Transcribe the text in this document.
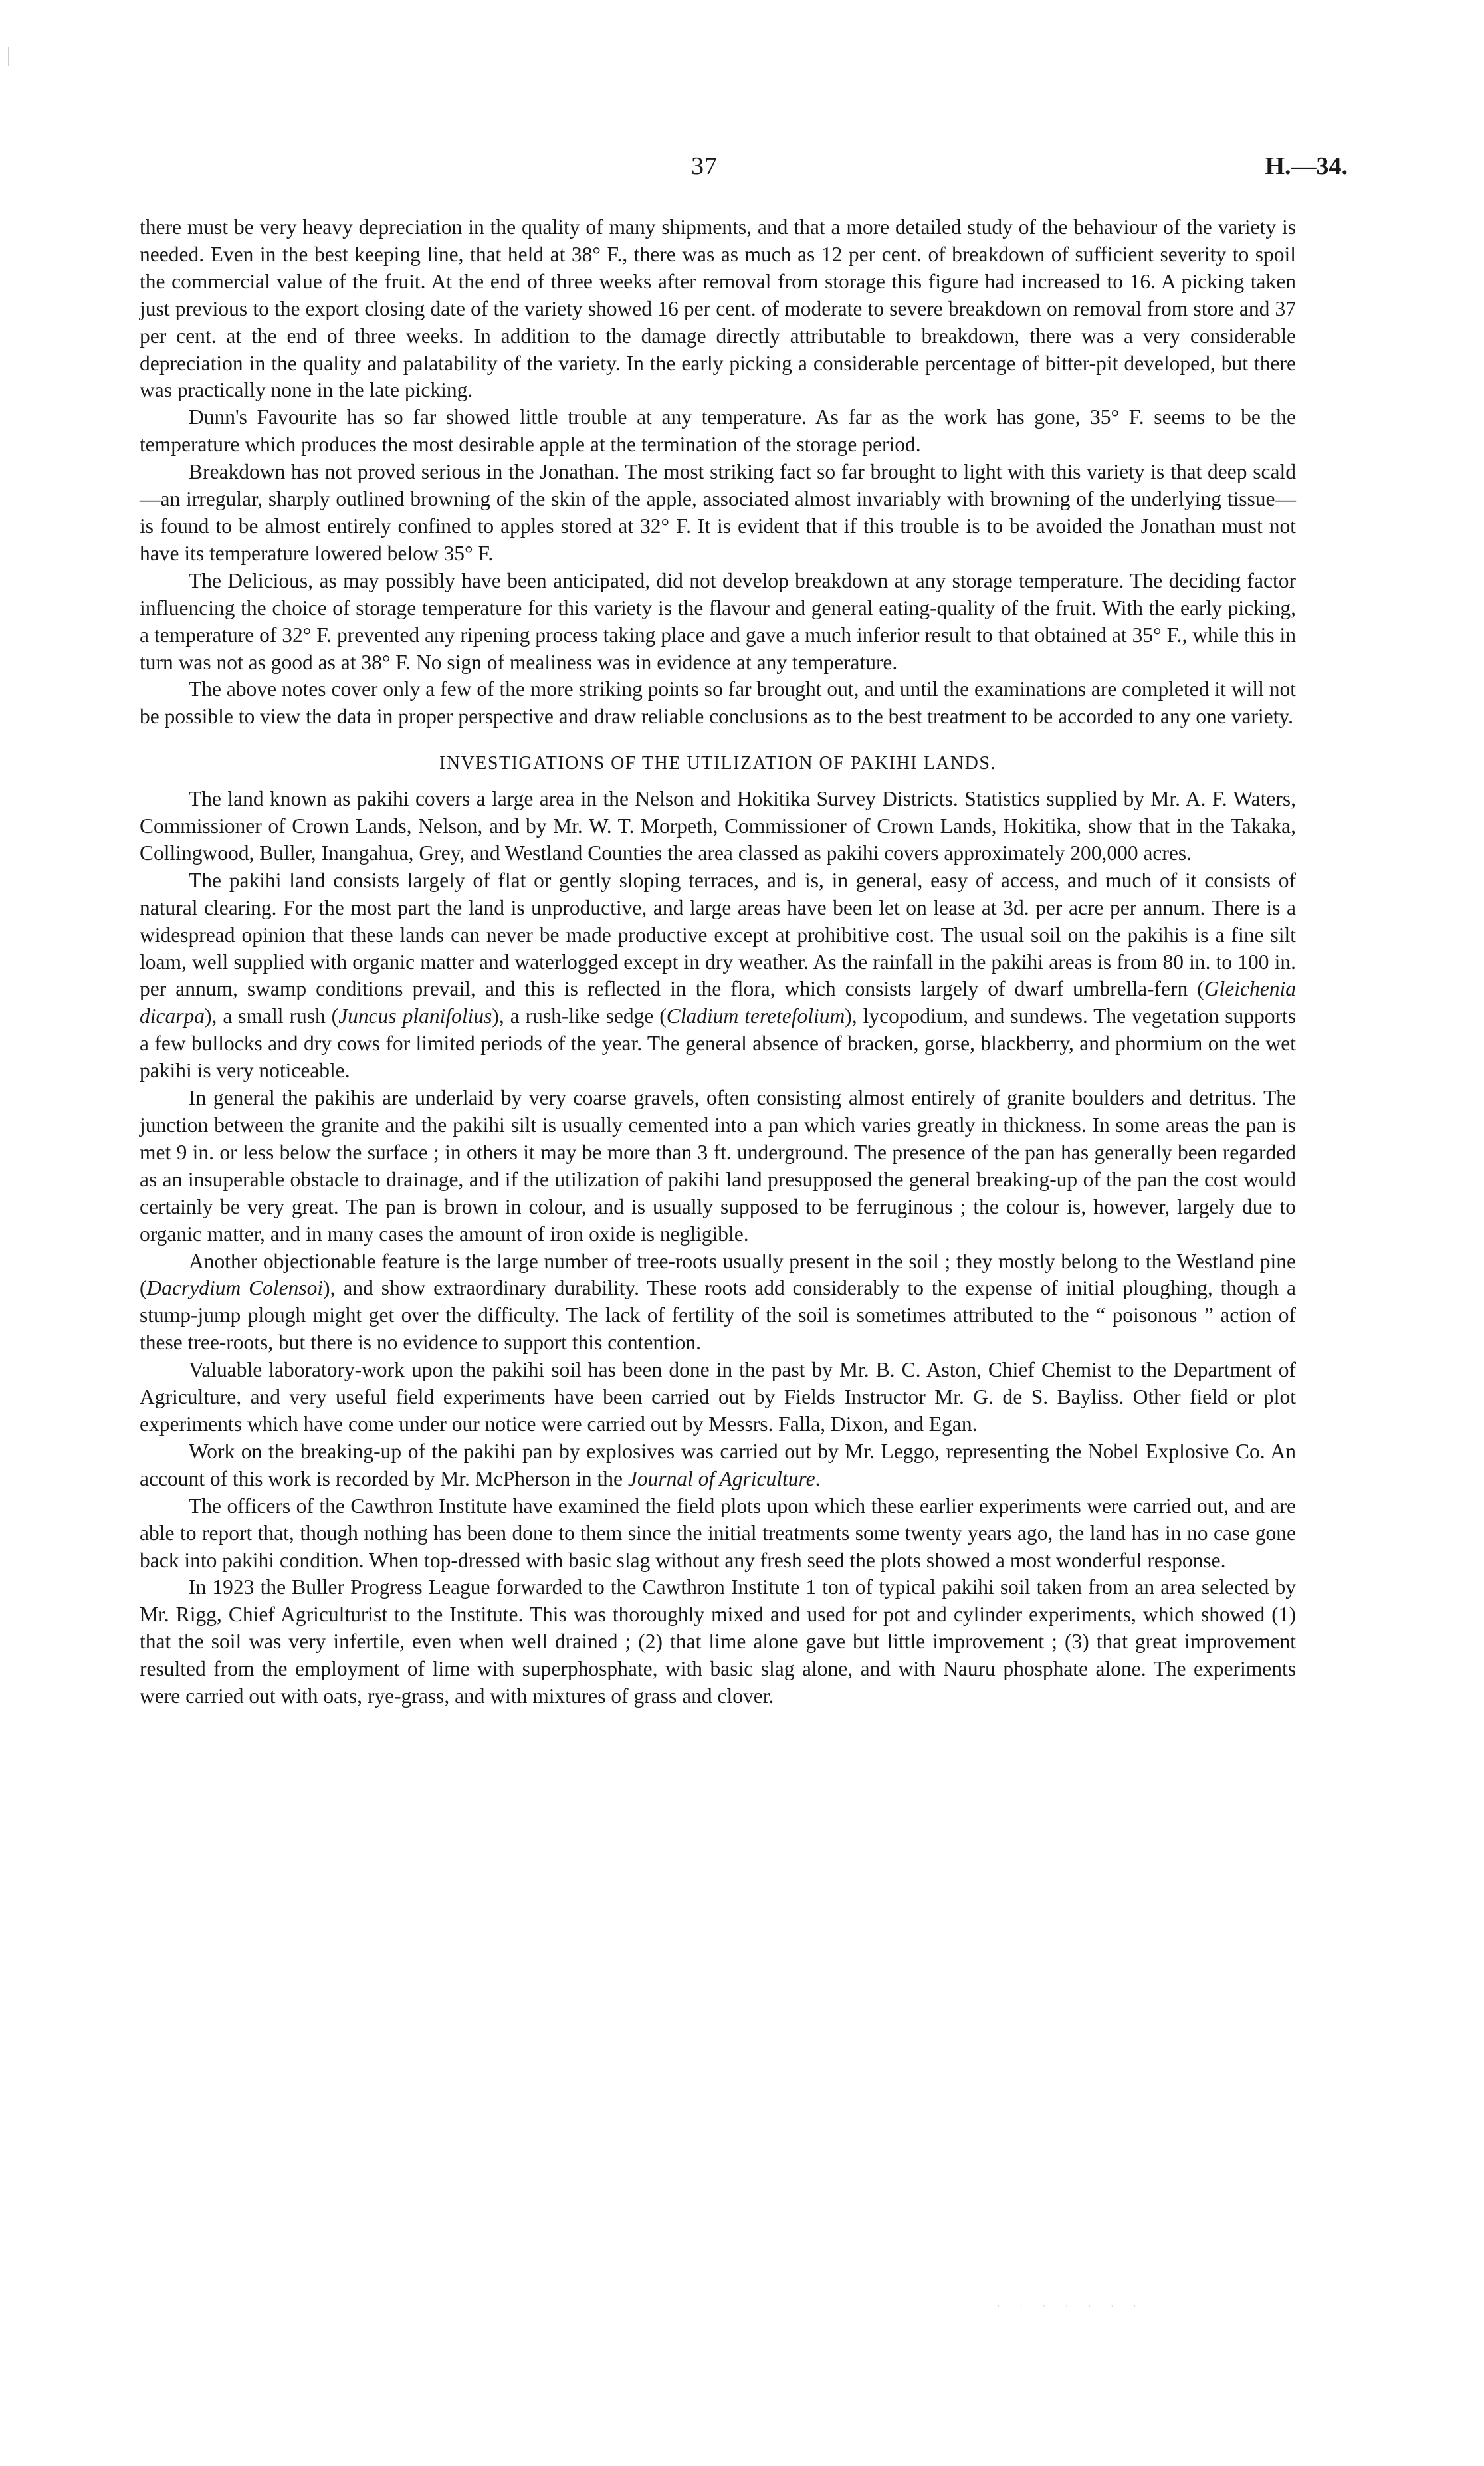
37	H.—34.

there must be very heavy depreciation in the quality of many shipments, and that a more detailed study of the behaviour of the variety is needed. Even in the best keeping line, that held at 38° F., there was as much as 12 per cent. of breakdown of sufficient severity to spoil the commercial value of the fruit. At the end of three weeks after removal from storage this figure had increased to 16. A picking taken just previous to the export closing date of the variety showed 16 per cent. of moderate to severe breakdown on removal from store and 37 per cent. at the end of three weeks. In addition to the damage directly attributable to breakdown, there was a very considerable depreciation in the quality and palatability of the variety. In the early picking a considerable percentage of bitter-pit developed, but there was practically none in the late picking.

Dunn's Favourite has so far showed little trouble at any temperature. As far as the work has gone, 35° F. seems to be the temperature which produces the most desirable apple at the termination of the storage period.

Breakdown has not proved serious in the Jonathan. The most striking fact so far brought to light with this variety is that deep scald—an irregular, sharply outlined browning of the skin of the apple, associated almost invariably with browning of the underlying tissue—is found to be almost entirely confined to apples stored at 32° F. It is evident that if this trouble is to be avoided the Jonathan must not have its temperature lowered below 35° F.

The Delicious, as may possibly have been anticipated, did not develop breakdown at any storage temperature. The deciding factor influencing the choice of storage temperature for this variety is the flavour and general eating-quality of the fruit. With the early picking, a temperature of 32° F. prevented any ripening process taking place and gave a much inferior result to that obtained at 35° F., while this in turn was not as good as at 38° F. No sign of mealiness was in evidence at any temperature.

The above notes cover only a few of the more striking points so far brought out, and until the examinations are completed it will not be possible to view the data in proper perspective and draw reliable conclusions as to the best treatment to be accorded to any one variety.

INVESTIGATIONS OF THE UTILIZATION OF PAKIHI LANDS.

The land known as pakihi covers a large area in the Nelson and Hokitika Survey Districts. Statistics supplied by Mr. A. F. Waters, Commissioner of Crown Lands, Nelson, and by Mr. W. T. Morpeth, Commissioner of Crown Lands, Hokitika, show that in the Takaka, Collingwood, Buller, Inangahua, Grey, and Westland Counties the area classed as pakihi covers approximately 200,000 acres.

The pakihi land consists largely of flat or gently sloping terraces, and is, in general, easy of access, and much of it consists of natural clearing. For the most part the land is unproductive, and large areas have been let on lease at 3d. per acre per annum. There is a widespread opinion that these lands can never be made productive except at prohibitive cost. The usual soil on the pakihis is a fine silt loam, well supplied with organic matter and waterlogged except in dry weather. As the rainfall in the pakihi areas is from 80 in. to 100 in. per annum, swamp conditions prevail, and this is reflected in the flora, which consists largely of dwarf umbrella-fern (Gleichenia dicarpa), a small rush (Juncus planifolius), a rush-like sedge (Cladium teretefolium), lycopodium, and sundews. The vegetation supports a few bullocks and dry cows for limited periods of the year. The general absence of bracken, gorse, blackberry, and phormium on the wet pakihi is very noticeable.

In general the pakihis are underlaid by very coarse gravels, often consisting almost entirely of granite boulders and detritus. The junction between the granite and the pakihi silt is usually cemented into a pan which varies greatly in thickness. In some areas the pan is met 9 in. or less below the surface ; in others it may be more than 3 ft. underground. The presence of the pan has generally been regarded as an insuperable obstacle to drainage, and if the utilization of pakihi land presupposed the general breaking-up of the pan the cost would certainly be very great. The pan is brown in colour, and is usually supposed to be ferruginous ; the colour is, however, largely due to organic matter, and in many cases the amount of iron oxide is negligible.

Another objectionable feature is the large number of tree-roots usually present in the soil ; they mostly belong to the Westland pine (Dacrydium Colensoi), and show extraordinary durability. These roots add considerably to the expense of initial ploughing, though a stump-jump plough might get over the difficulty. The lack of fertility of the soil is sometimes attributed to the “ poisonous ” action of these tree-roots, but there is no evidence to support this contention.

Valuable laboratory-work upon the pakihi soil has been done in the past by Mr. B. C. Aston, Chief Chemist to the Department of Agriculture, and very useful field experiments have been carried out by Fields Instructor Mr. G. de S. Bayliss. Other field or plot experiments which have come under our notice were carried out by Messrs. Falla, Dixon, and Egan.

Work on the breaking-up of the pakihi pan by explosives was carried out by Mr. Leggo, representing the Nobel Explosive Co. An account of this work is recorded by Mr. McPherson in the Journal of Agriculture.

The officers of the Cawthron Institute have examined the field plots upon which these earlier experiments were carried out, and are able to report that, though nothing has been done to them since the initial treatments some twenty years ago, the land has in no case gone back into pakihi condition. When top-dressed with basic slag without any fresh seed the plots showed a most wonderful response.

In 1923 the Buller Progress League forwarded to the Cawthron Institute 1 ton of typical pakihi soil taken from an area selected by Mr. Rigg, Chief Agriculturist to the Institute. This was thoroughly mixed and used for pot and cylinder experiments, which showed (1) that the soil was very infertile, even when well drained ; (2) that lime alone gave but little improvement ; (3) that great improvement resulted from the employment of lime with superphosphate, with basic slag alone, and with Nauru phosphate alone. The experiments were carried out with oats, rye-grass, and with mixtures of grass and clover.

· · · · · · ·
